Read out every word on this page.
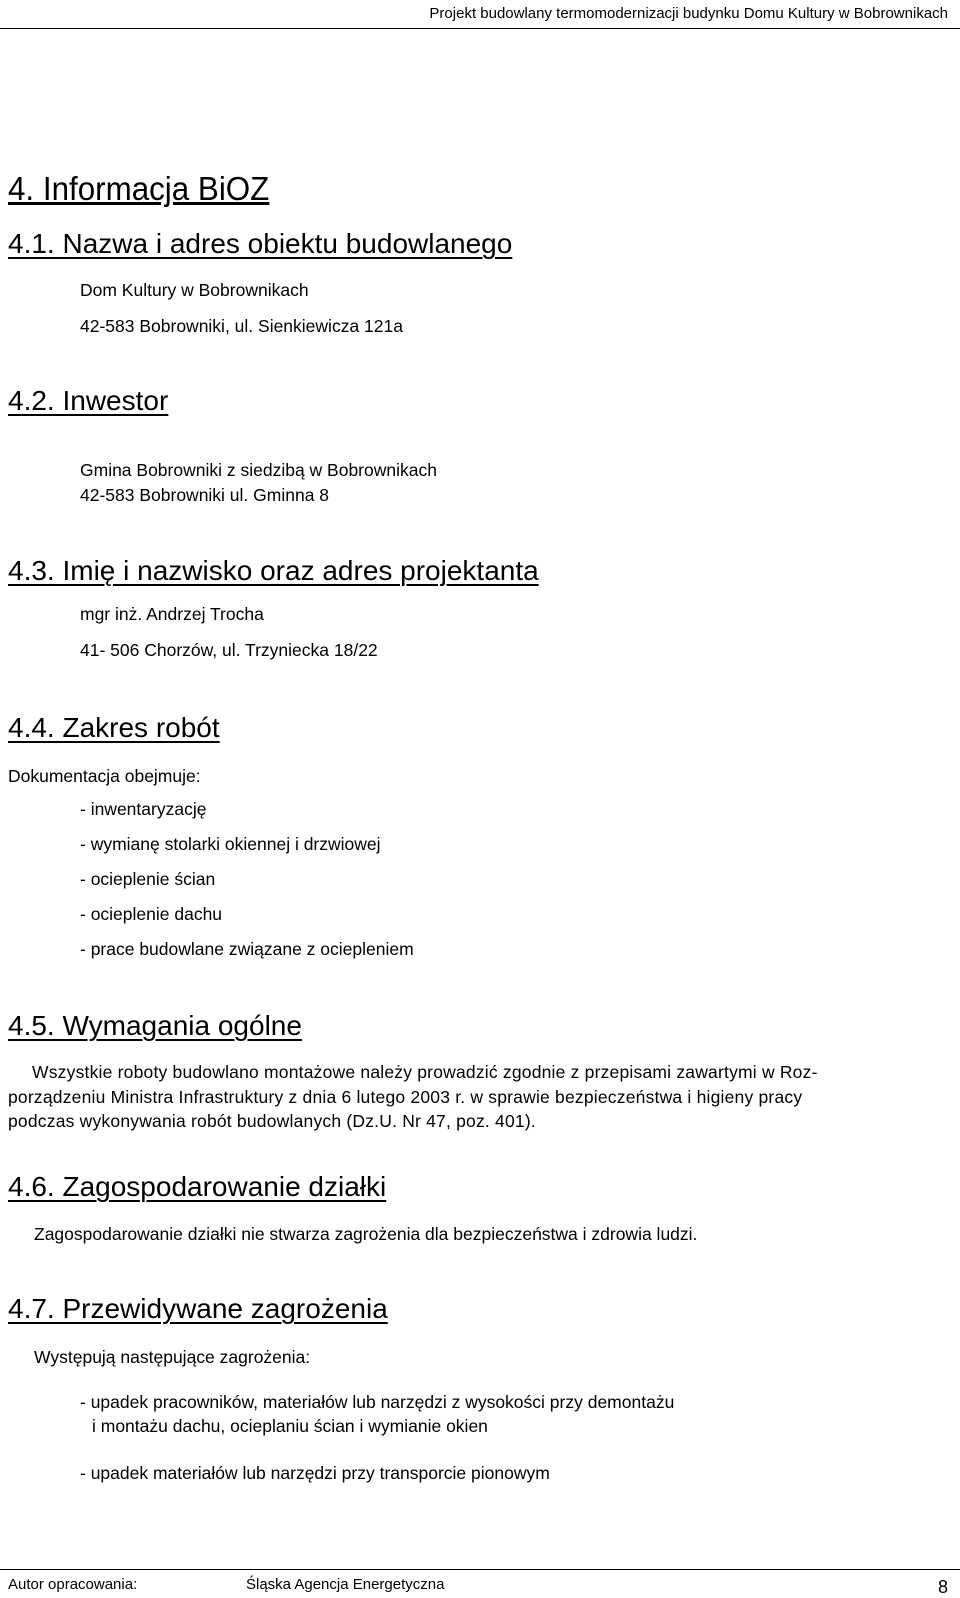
Projekt budowlany termomodernizacji budynku Domu Kultury w Bobrownikach
4. Informacja BiOZ
4.1. Nazwa i adres obiektu budowlanego
Dom Kultury w Bobrownikach
42-583 Bobrowniki, ul. Sienkiewicza 121a
4.2. Inwestor
Gmina Bobrowniki z siedzibą w Bobrownikach
42-583 Bobrowniki ul. Gminna 8
4.3. Imię i nazwisko oraz adres projektanta
mgr inż. Andrzej Trocha
41- 506 Chorzów, ul. Trzyniecka 18/22
4.4. Zakres robót
Dokumentacja obejmuje:
- inwentaryzację
- wymianę stolarki okiennej i drzwiowej
- ocieplenie ścian
- ocieplenie dachu
- prace budowlane związane z ociepleniem
4.5. Wymagania ogólne
Wszystkie roboty budowlano montażowe należy prowadzić zgodnie z przepisami zawartymi w Roz-
porządzeniu Ministra Infrastruktury z dnia 6 lutego 2003 r. w sprawie bezpieczeństwa i higieny pracy
podczas wykonywania robót budowlanych (Dz.U. Nr 47, poz. 401).
4.6. Zagospodarowanie działki
Zagospodarowanie działki nie stwarza zagrożenia dla bezpieczeństwa i zdrowia ludzi.
4.7. Przewidywane zagrożenia
Występują następujące zagrożenia:
- upadek pracowników, materiałów lub narzędzi z wysokości przy demontażu
i montażu dachu, ocieplaniu ścian i wymianie okien
- upadek materiałów lub narzędzi przy transporcie pionowym
Autor opracowania:	Śląska Agencja Energetyczna	8
